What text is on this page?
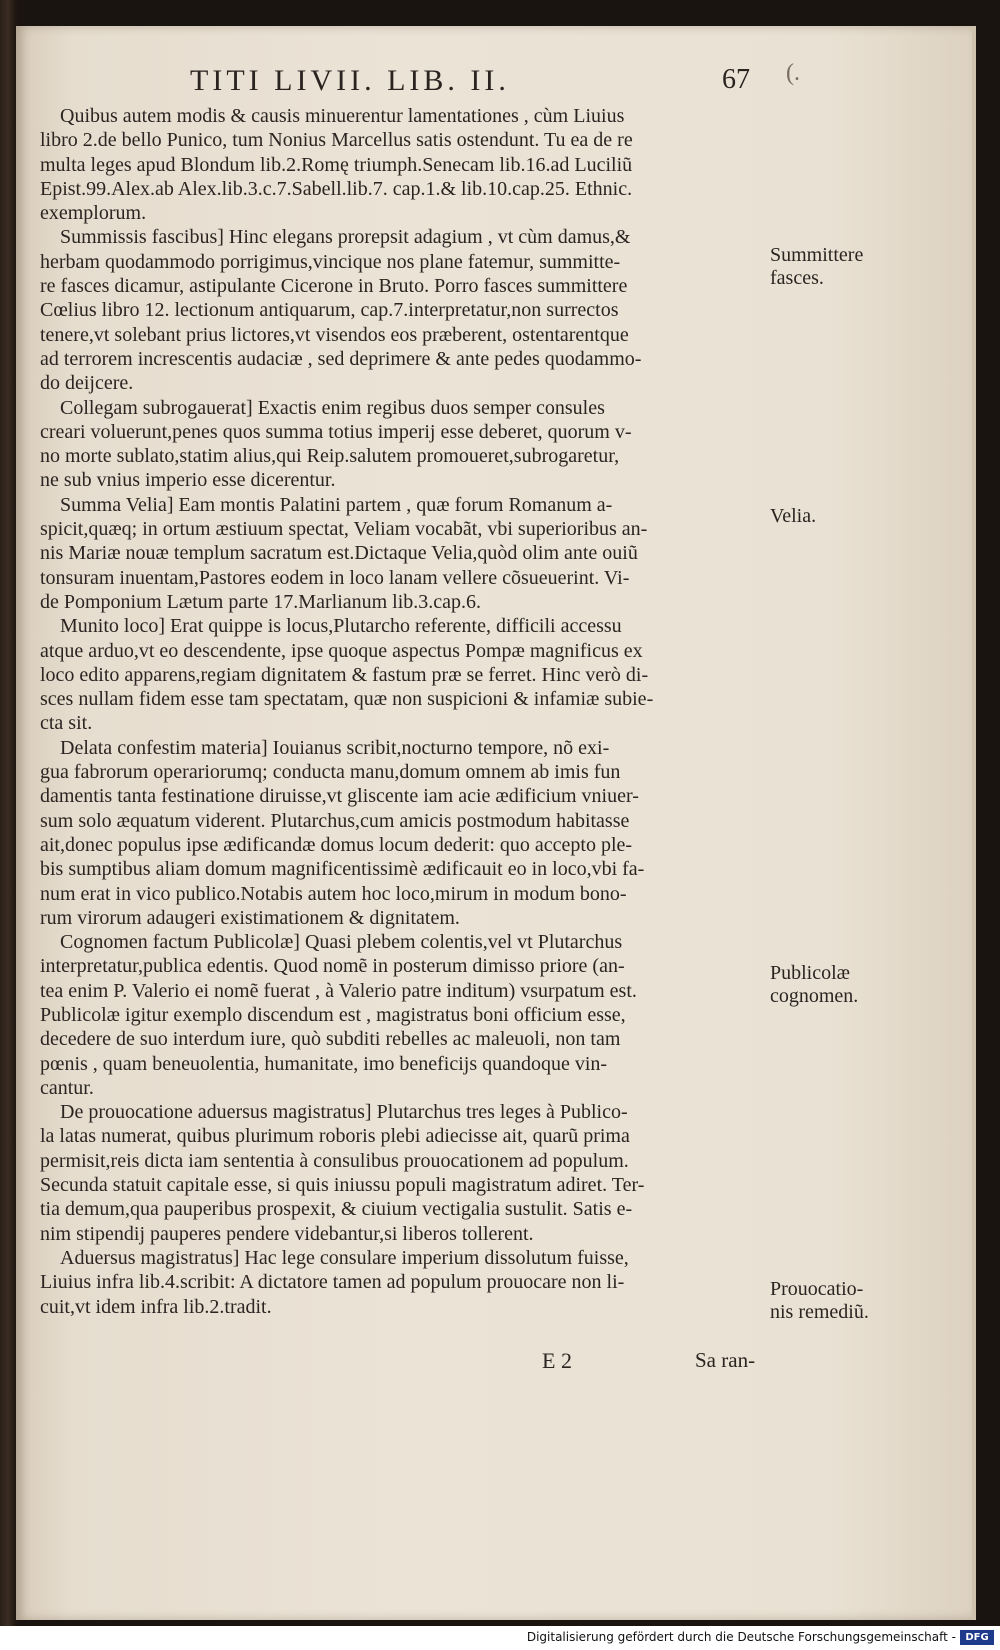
(.
TITI LIVII. LIB. II.	67
Quibus autem modis & causis minuerentur lamentationes , cùm Liuius
libro 2.de bello Punico, tum Nonius Marcellus satis ostendunt. Tu ea de re
multa leges apud Blondum lib.2.Romę triumph.Senecam lib.16.ad Luciliũ
Epist.99.Alex.ab Alex.lib.3.c.7.Sabell.lib.7. cap.1.& lib.10.cap.25. Ethnic.
exemplorum.
Summissis fascibus] Hinc elegans prorepsit adagium , vt cùm damus,&
herbam quodammodo porrigimus,vincique nos plane fatemur, summitte-
re fasces dicamur, astipulante Cicerone in Bruto. Porro fasces summittere
Cœlius libro 12. lectionum antiquarum, cap.7.interpretatur,non surrectos
tenere,vt solebant prius lictores,vt visendos eos præberent, ostentarentque
ad terrorem increscentis audaciæ , sed deprimere & ante pedes quodammo-
do deijcere.
Collegam subrogauerat] Exactis enim regibus duos semper consules
creari voluerunt,penes quos summa totius imperij esse deberet, quorum v-
no morte sublato,statim alius,qui Reip.salutem promoueret,subrogaretur,
ne sub vnius imperio esse dicerentur.
Summa Velia] Eam montis Palatini partem , quæ forum Romanum a-
spicit,quæq; in ortum æstiuum spectat, Veliam vocabãt, vbi superioribus an-
nis Mariæ nouæ templum sacratum est.Dictaque Velia,quòd olim ante ouiũ
tonsuram inuentam,Pastores eodem in loco lanam vellere cõsueuerint. Vi-
de Pomponium Lætum parte 17.Marlianum lib.3.cap.6.
Munito loco] Erat quippe is locus,Plutarcho referente, difficili accessu
atque arduo,vt eo descendente, ipse quoque aspectus Pompæ magnificus ex
loco edito apparens,regiam dignitatem & fastum præ se ferret. Hinc verò di-
sces nullam fidem esse tam spectatam, quæ non suspicioni & infamiæ subie-
cta sit.
Delata confestim materia] Iouianus scribit,nocturno tempore, nõ exi-
gua fabrorum operariorumq; conducta manu,domum omnem ab imis fun
damentis tanta festinatione diruisse,vt gliscente iam acie ædificium vniuer-
sum solo æquatum viderent. Plutarchus,cum amicis postmodum habitasse
ait,donec populus ipse ædificandæ domus locum dederit: quo accepto ple-
bis sumptibus aliam domum magnificentissimè ædificauit eo in loco,vbi fa-
num erat in vico publico.Notabis autem hoc loco,mirum in modum bono-
rum virorum adaugeri existimationem & dignitatem.
Cognomen factum Publicolæ] Quasi plebem colentis,vel vt Plutarchus
interpretatur,publica edentis. Quod nomẽ in posterum dimisso priore (an-
tea enim P. Valerio ei nomẽ fuerat , à Valerio patre inditum) vsurpatum est.
Publicolæ igitur exemplo discendum est , magistratus boni officium esse,
decedere de suo interdum iure, quò subditi rebelles ac maleuoli, non tam
pœnis , quam beneuolentia, humanitate, imo beneficijs quandoque vin-
cantur.
De prouocatione aduersus magistratus] Plutarchus tres leges à Publico-
la latas numerat, quibus plurimum roboris plebi adiecisse ait, quarũ prima
permisit,reis dicta iam sententia à consulibus prouocationem ad populum.
Secunda statuit capitale esse, si quis iniussu populi magistratum adiret. Ter-
tia demum,qua pauperibus prospexit, & ciuium vectigalia sustulit. Satis e-
nim stipendij pauperes pendere videbantur,si liberos tollerent.
Aduersus magistratus] Hac lege consulare imperium dissolutum fuisse,
Liuius infra lib.4.scribit: A dictatore tamen ad populum prouocare non li-
cuit,vt idem infra lib.2.tradit.
Summittere
fasces.
Velia.
Publicolæ
cognomen.
Prouocatio-
nis remediũ.
E 2	Sa ran-
Digitalisierung gefördert durch die Deutsche Forschungsgemeinschaft - DFG
